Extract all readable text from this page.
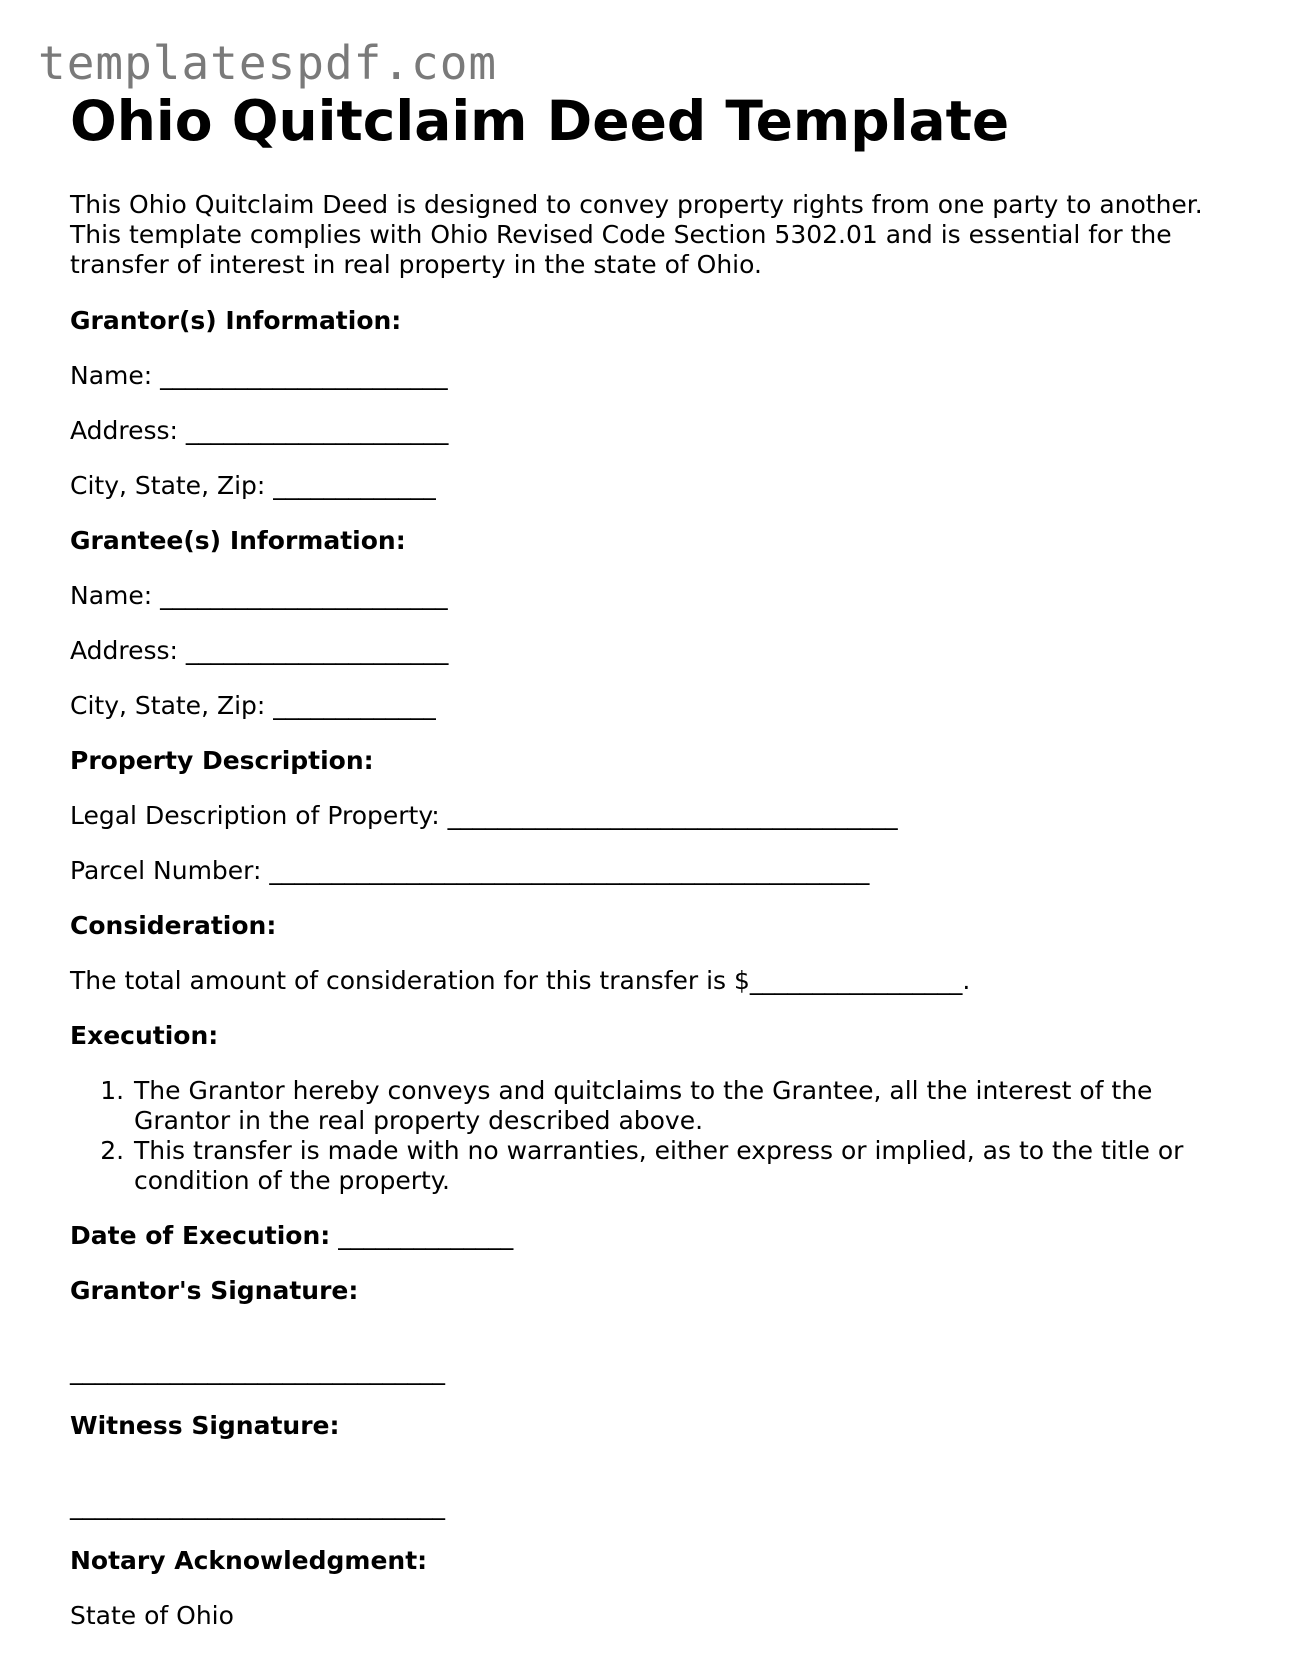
templatespdf.com
Ohio Quitclaim Deed Template

This Ohio Quitclaim Deed is designed to convey property rights from one party to another. This template complies with Ohio Revised Code Section 5302.01 and is essential for the transfer of interest in real property in the state of Ohio.

Grantor(s) Information:
Name: _______________________
Address: _____________________
City, State, Zip: _____________
Grantee(s) Information:
Name: _______________________
Address: _____________________
City, State, Zip: _____________
Property Description:
Legal Description of Property: ____________________________________
Parcel Number: ________________________________________________
Consideration:
The total amount of consideration for this transfer is $_________________.
Execution:
1. The Grantor hereby conveys and quitclaims to the Grantee, all the interest of the Grantor in the real property described above.
2. This transfer is made with no warranties, either express or implied, as to the title or condition of the property.
Date of Execution: ______________
Grantor's Signature:
______________________________
Witness Signature:
______________________________
Notary Acknowledgment:
State of Ohio
